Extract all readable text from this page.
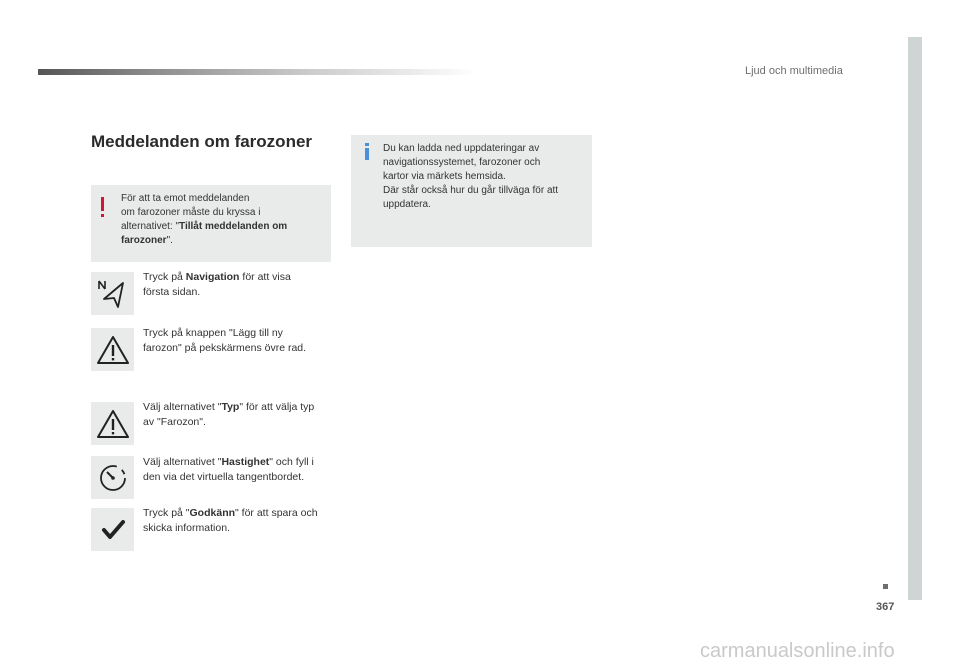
Ljud och multimedia
367
Meddelanden om farozoner
För att ta emot meddelanden
om farozoner måste du kryssa i
alternativet: "Tillåt meddelanden om
farozoner".
Du kan ladda ned uppdateringar av
navigationssystemet, farozoner och
kartor via märkets hemsida.
Där står också hur du går tillväga för att
uppdatera.
Tryck på Navigation för att visa
första sidan.
Tryck på knappen "Lägg till ny
farozon" på pekskärmens övre rad.
Välj alternativet "Typ" för att välja typ
av "Farozon".
Välj alternativet "Hastighet" och fyll i
den via det virtuella tangentbordet.
Tryck på "Godkänn" för att spara och
skicka information.
carmanualsonline.info
